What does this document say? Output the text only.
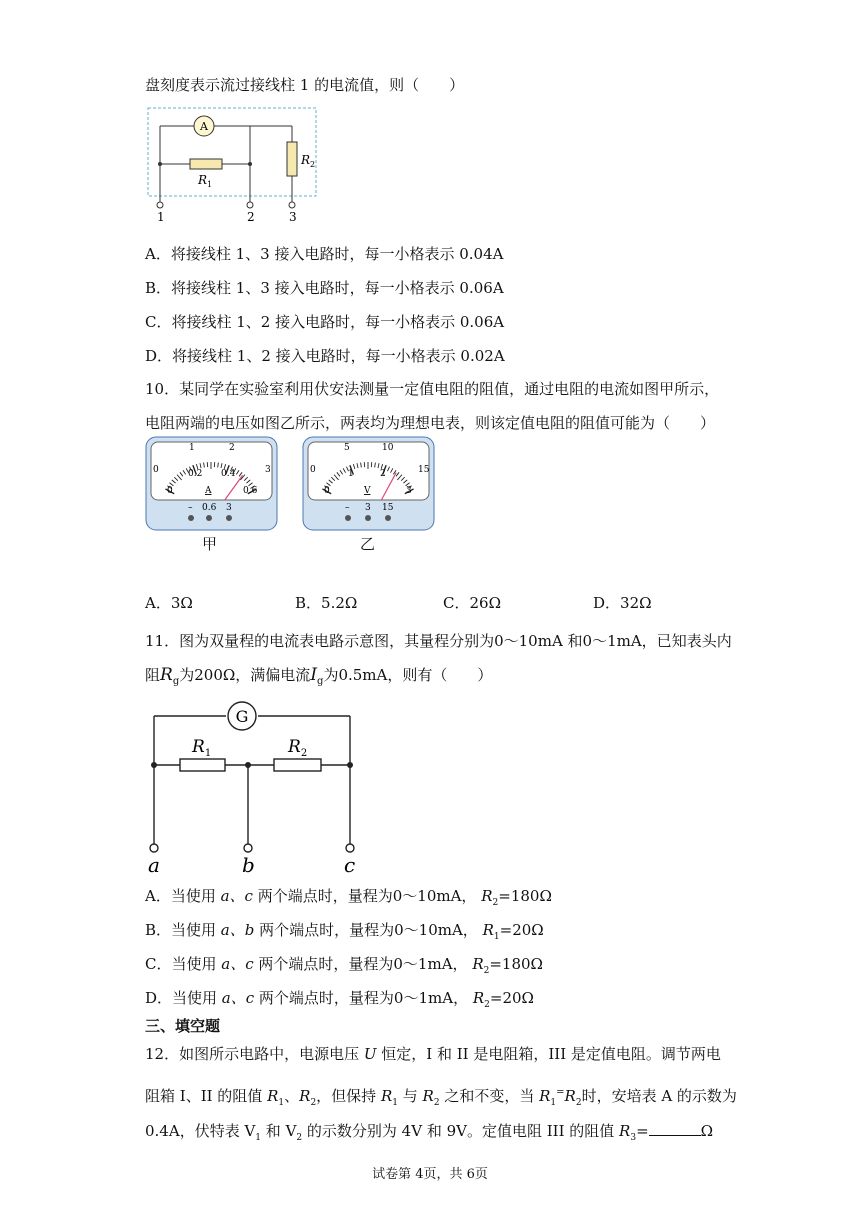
盘刻度表示流过接线柱 1 的电流值，则（　　）
A
$R_1$
$R_2$
1	2	3
A．将接线柱 1、3 接入电路时，每一小格表示 0.04A
B．将接线柱 1、3 接入电路时，每一小格表示 0.06A
C．将接线柱 1、2 接入电路时，每一小格表示 0.06A
D．将接线柱 1、2 接入电路时，每一小格表示 0.02A
10．某同学在实验室利用伏安法测量一定值电阻的阻值，通过电阻的电流如图甲所示，
电阻两端的电压如图乙所示，两表均为理想电表，则该定值电阻的阻值可能为（　　）
0
1	2
3
0.2 0.4
0	0.6
A
– 0.6 3
甲
0
5	10
15
0
1	2
3
V
– 3 15
乙
A．3Ω	B．5.2Ω	C．26Ω	D．32Ω
11．图为双量程的电流表电路示意图，其量程分别为0～10mA 和0～1mA，已知表头内
阻$R_g$为200Ω，满偏电流$I_g$为0.5mA，则有（　　）
G
$R_1$	$R_2$
a	b	c
A．当使用 a、c 两个端点时，量程为0～10mA， $R_2=180\Omega$
B．当使用 a、b 两个端点时，量程为0～10mA， $R_1=20\Omega$
C．当使用 a、c 两个端点时，量程为0～1mA， $R_2=180\Omega$
D．当使用 a、c 两个端点时，量程为0～1mA， $R_2=20\Omega$
三、填空题
12．如图所示电路中，电源电压 U 恒定，I 和 II 是电阻箱，III 是定值电阻。调节两电
阻箱 I、II 的阻值 $R_1$、$R_2$，但保持 $R_1$ 与 $R_2$ 之和不变，当 $R_1^=R_2$时，安培表 A 的示数为
0.4A，伏特表 $V_1$ 和 $V_2$ 的示数分别为 4V 和 9V。定值电阻 III 的阻值 $R_3=$	Ω
试卷第 4页，共 6页
